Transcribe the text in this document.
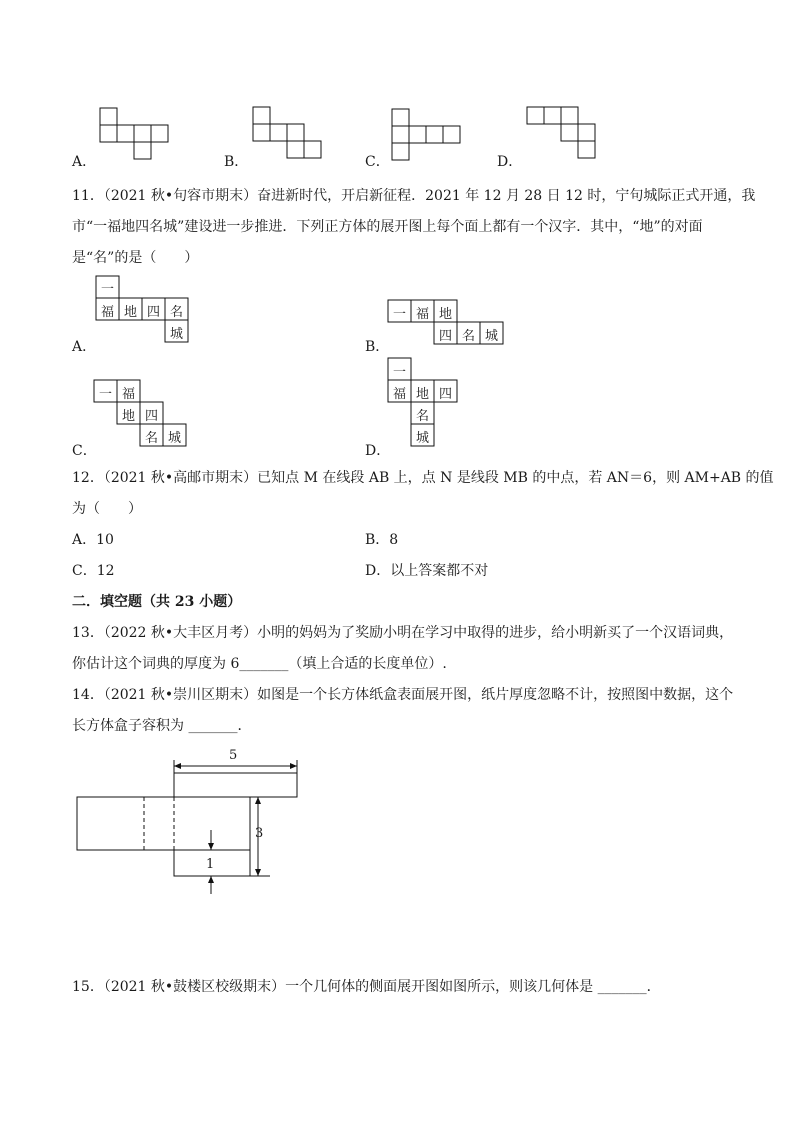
A．	B．	C．	D．
11．（2021 秋•句容市期末）奋进新时代，开启新征程．2021 年 12 月 28 日 12 时，宁句城际正式开通，我
市“一福地四名城”建设进一步推进．下列正方体的展开图上每个面上都有一个汉字．其中，“地”的对面
是“名”的是（　　）
一
福 地 四 名
城
A．
一 福 地
四 名 城
B．
一 福
地 四
名 城
C．
一
福 地 四
名
城
D．
12．（2021 秋•高邮市期末）已知点 M 在线段 AB 上，点 N 是线段 MB 的中点，若 AN＝6，则 AM+AB 的值
为（　　）
A．10	B．8
C．12	D．以上答案都不对
二．填空题（共 23 小题）
13．（2022 秋•大丰区月考）小明的妈妈为了奖励小明在学习中取得的进步，给小明新买了一个汉语词典，
你估计这个词典的厚度为 6_______（填上合适的长度单位）.
14．（2021 秋•崇川区期末）如图是一个长方体纸盒表面展开图，纸片厚度忽略不计，按照图中数据，这个
长方体盒子容积为 _______．
5
3
1
15．（2021 秋•鼓楼区校级期末）一个几何体的侧面展开图如图所示，则该几何体是 _______．
